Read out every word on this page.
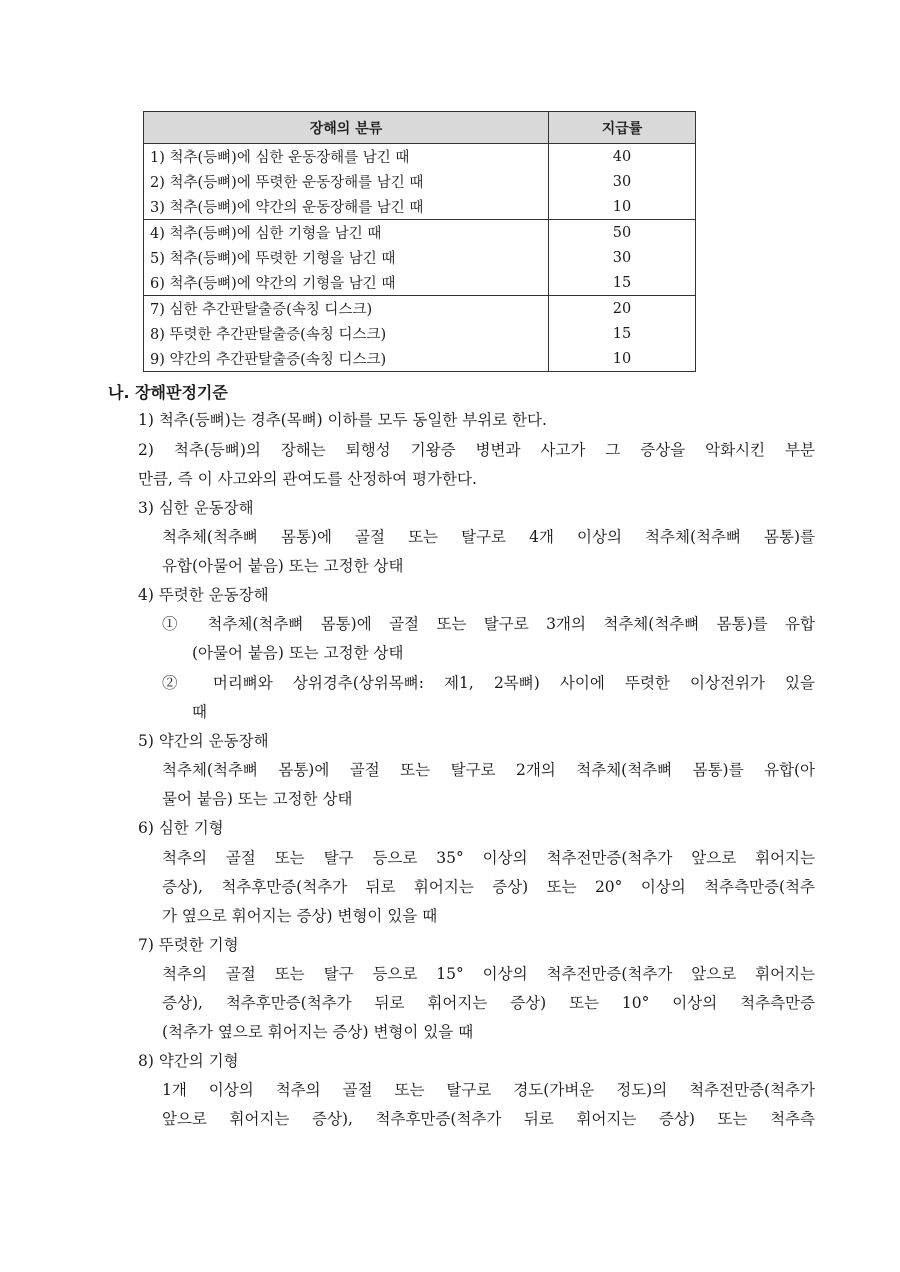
장해의 분류	지급률
1) 척추(등뼈)에 심한 운동장해를 남긴 때	40
2) 척추(등뼈)에 뚜렷한 운동장해를 남긴 때	30
3) 척추(등뼈)에 약간의 운동장해를 남긴 때	10
4) 척추(등뼈)에 심한 기형을 남긴 때	50
5) 척추(등뼈)에 뚜렷한 기형을 남긴 때	30
6) 척추(등뼈)에 약간의 기형을 남긴 때	15
7) 심한 추간판탈출증(속칭 디스크)	20
8) 뚜렷한 추간판탈출증(속칭 디스크)	15
9) 약간의 추간판탈출증(속칭 디스크)	10
나. 장해판정기준
1) 척추(등뼈)는 경추(목뼈) 이하를 모두 동일한 부위로 한다.
2) 척추(등뼈)의 장해는 퇴행성 기왕증 병변과 사고가 그 증상을 악화시킨 부분
만큼, 즉 이 사고와의 관여도를 산정하여 평가한다.
3) 심한 운동장해
척추체(척추뼈 몸통)에 골절 또는 탈구로 4개 이상의 척추체(척추뼈 몸통)를
유합(아물어 붙음) 또는 고정한 상태
4) 뚜렷한 운동장해
① 척추체(척추뼈 몸통)에 골절 또는 탈구로 3개의 척추체(척추뼈 몸통)를 유합
(아물어 붙음) 또는 고정한 상태
② 머리뼈와 상위경추(상위목뼈: 제1, 2목뼈) 사이에 뚜렷한 이상전위가 있을
때
5) 약간의 운동장해
척추체(척추뼈 몸통)에 골절 또는 탈구로 2개의 척추체(척추뼈 몸통)를 유합(아
물어 붙음) 또는 고정한 상태
6) 심한 기형
척추의 골절 또는 탈구 등으로 35° 이상의 척추전만증(척추가 앞으로 휘어지는
증상), 척추후만증(척추가 뒤로 휘어지는 증상) 또는 20° 이상의 척추측만증(척추
가 옆으로 휘어지는 증상) 변형이 있을 때
7) 뚜렷한 기형
척추의 골절 또는 탈구 등으로 15° 이상의 척추전만증(척추가 앞으로 휘어지는
증상), 척추후만증(척추가 뒤로 휘어지는 증상) 또는 10° 이상의 척추측만증
(척추가 옆으로 휘어지는 증상) 변형이 있을 때
8) 약간의 기형
1개 이상의 척추의 골절 또는 탈구로 경도(가벼운 정도)의 척추전만증(척추가
앞으로 휘어지는 증상), 척추후만증(척추가 뒤로 휘어지는 증상) 또는 척추측
